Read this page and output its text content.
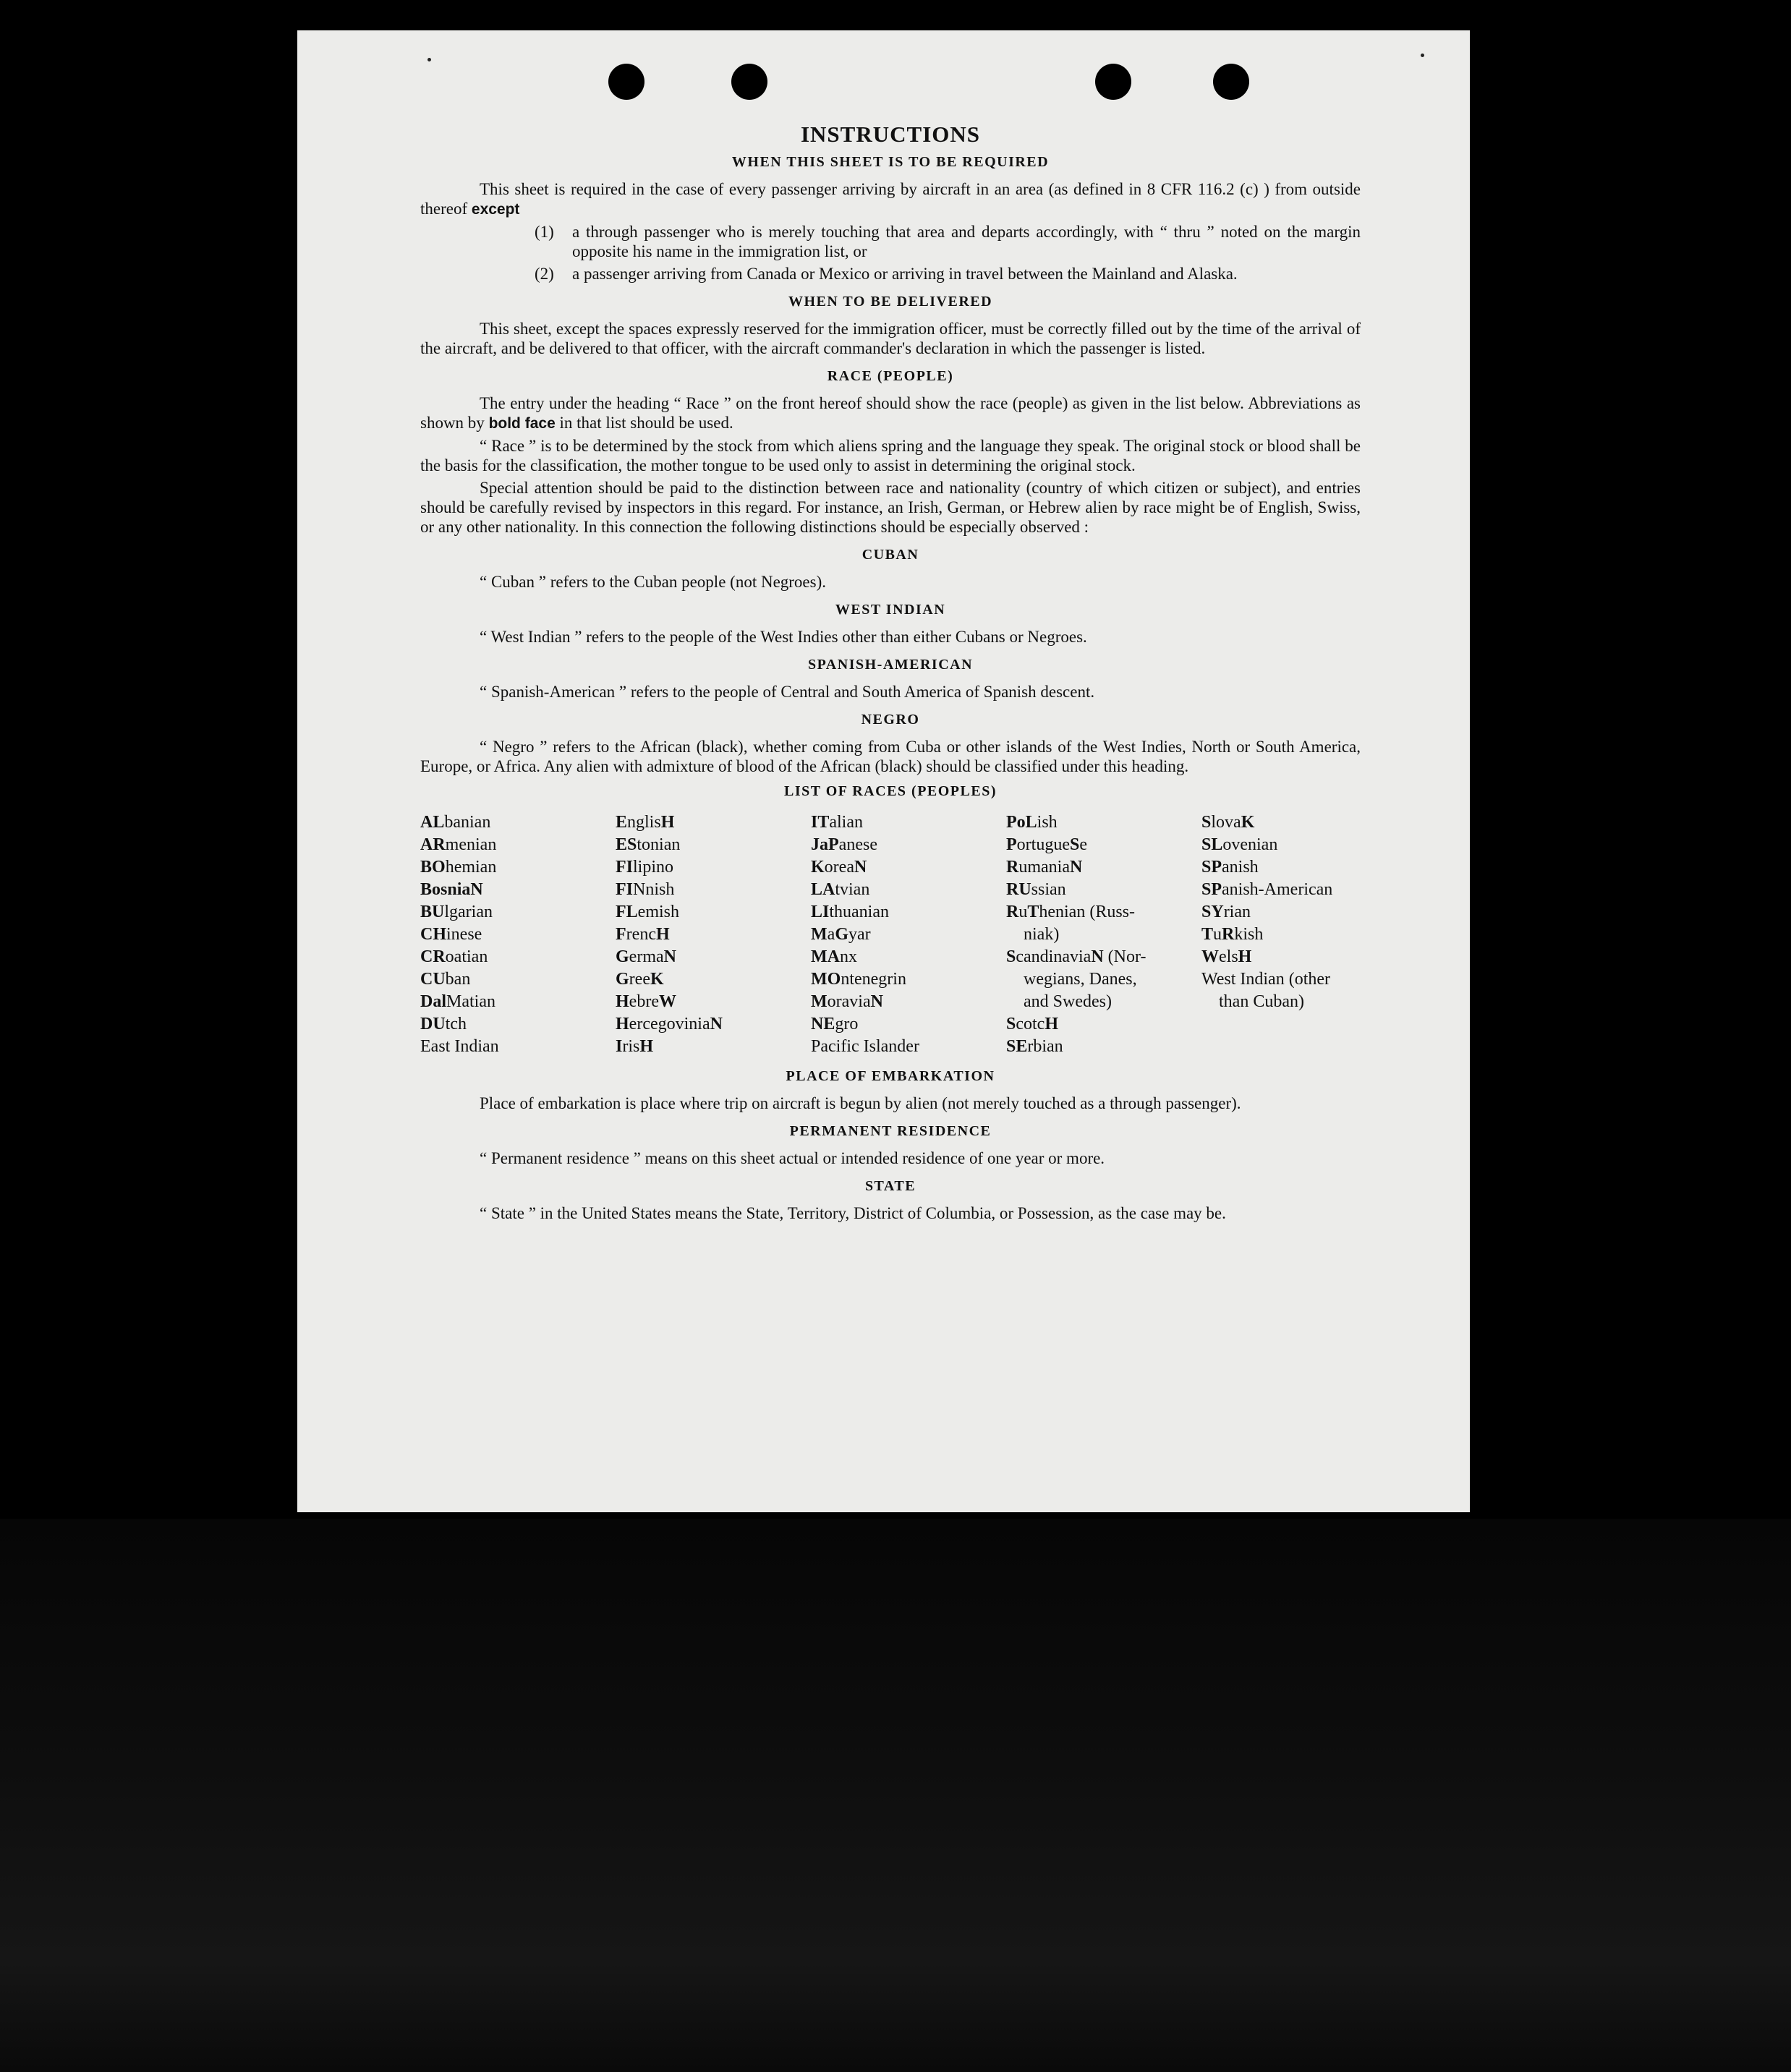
INSTRUCTIONS
WHEN THIS SHEET IS TO BE REQUIRED

This sheet is required in the case of every passenger arriving by aircraft in an area (as defined in 8 CFR 116.2 (c) ) from outside thereof except

(1) a through passenger who is merely touching that area and departs accordingly, with “ thru ” noted on the margin opposite his name in the immigration list, or
(2) a passenger arriving from Canada or Mexico or arriving in travel between the Mainland and Alaska.
WHEN TO BE DELIVERED

This sheet, except the spaces expressly reserved for the immigration officer, must be correctly filled out by the time of the arrival of the aircraft, and be delivered to that officer, with the aircraft commander's declaration in which the passenger is listed.

RACE (PEOPLE)

The entry under the heading “ Race ” on the front hereof should show the race (people) as given in the list below. Abbreviations as shown by bold face in that list should be used.

“ Race ” is to be determined by the stock from which aliens spring and the language they speak. The original stock or blood shall be the basis for the classification, the mother tongue to be used only to assist in determining the original stock.

Special attention should be paid to the distinction between race and nationality (country of which citizen or subject), and entries should be carefully revised by inspectors in this regard. For instance, an Irish, German, or Hebrew alien by race might be of English, Swiss, or any other nationality. In this connection the following distinctions should be especially observed :

CUBAN

“ Cuban ” refers to the Cuban people (not Negroes).

WEST INDIAN

“ West Indian ” refers to the people of the West Indies other than either Cubans or Negroes.

SPANISH-AMERICAN

“ Spanish-American ” refers to the people of Central and South America of Spanish descent.

NEGRO

“ Negro ” refers to the African (black), whether coming from Cuba or other islands of the West Indies, North or South America, Europe, or Africa. Any alien with admixture of blood of the African (black) should be classified under this heading.

LIST OF RACES (PEOPLES)
ALbanian
ARmenian
BOhemian
BosniaN
BUlgarian
CHinese
CRoatian
CUban
DalMatian
DUtch
East Indian
EnglisH
EStonian
FIlipino
FINnish
FLemish
FrencH
GermaN
GreeK
HebreW
HercegoviniaN
IrisH
ITalian
JaPanese
KoreaN
LAtvian
LIthuanian
MaGyar
MAnx
MOntenegrin
MoraviaN
NEgro
Pacific Islander
PoLish
PortugueSe
RumaniaN
RUssian
RuThenian (Russ-
niak)
ScandinaviaN (Nor-
wegians, Danes,
and Swedes)
ScotcH
SErbian
SlovaK
SLovenian
SPanish
SPanish-American
SYrian
TuRkish
WelsH
West Indian (other
than Cuban)
PLACE OF EMBARKATION

Place of embarkation is place where trip on aircraft is begun by alien (not merely touched as a through passenger).

PERMANENT RESIDENCE

“ Permanent residence ” means on this sheet actual or intended residence of one year or more.

STATE

“ State ” in the United States means the State, Territory, District of Columbia, or Possession, as the case may be.
